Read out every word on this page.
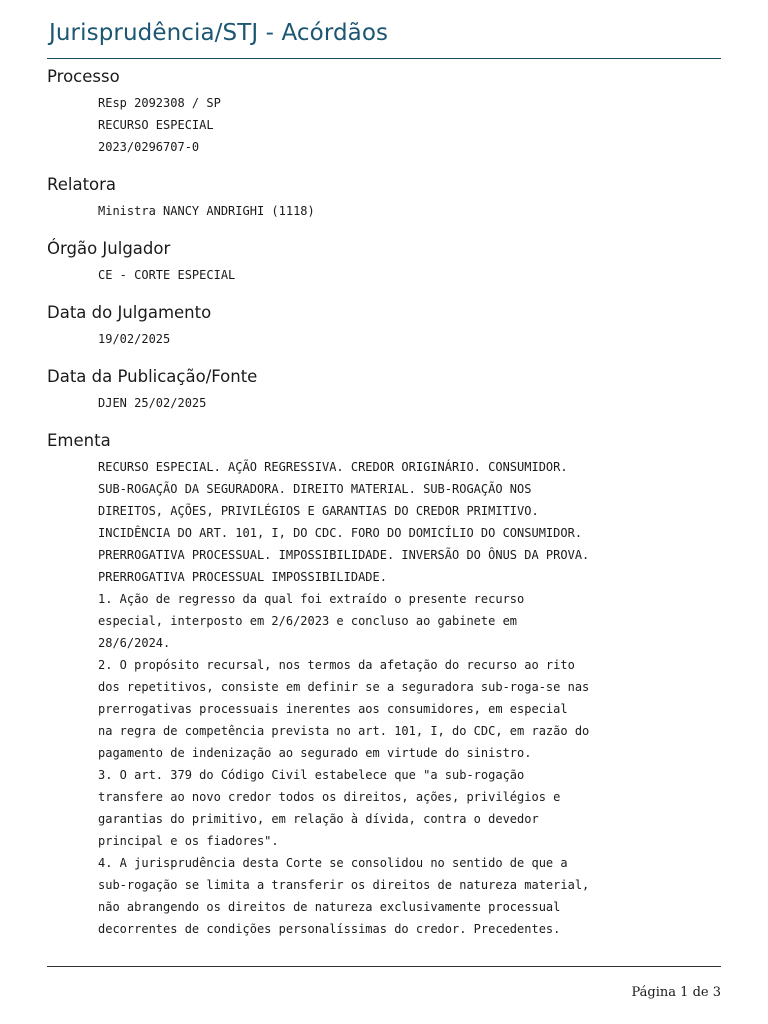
Jurisprudência/STJ - Acórdãos
Processo
REsp 2092308 / SP
RECURSO ESPECIAL
2023/0296707-0
Relatora
Ministra NANCY ANDRIGHI (1118)
Órgão Julgador
CE - CORTE ESPECIAL
Data do Julgamento
19/02/2025
Data da Publicação/Fonte
DJEN 25/02/2025
Ementa
RECURSO ESPECIAL. AÇÃO REGRESSIVA. CREDOR ORIGINÁRIO. CONSUMIDOR.
SUB-ROGAÇÃO DA SEGURADORA. DIREITO MATERIAL. SUB-ROGAÇÃO NOS
DIREITOS, AÇÕES, PRIVILÉGIOS E GARANTIAS DO CREDOR PRIMITIVO.
INCIDÊNCIA DO ART. 101, I, DO CDC. FORO DO DOMICÍLIO DO CONSUMIDOR.
PRERROGATIVA PROCESSUAL. IMPOSSIBILIDADE. INVERSÃO DO ÔNUS DA PROVA.
PRERROGATIVA PROCESSUAL IMPOSSIBILIDADE.
1. Ação de regresso da qual foi extraído o presente recurso
especial, interposto em 2/6/2023 e concluso ao gabinete em
28/6/2024.
2. O propósito recursal, nos termos da afetação do recurso ao rito
dos repetitivos, consiste em definir se a seguradora sub-roga-se nas
prerrogativas processuais inerentes aos consumidores, em especial
na regra de competência prevista no art. 101, I, do CDC, em razão do
pagamento de indenização ao segurado em virtude do sinistro.
3. O art. 379 do Código Civil estabelece que "a sub-rogação
transfere ao novo credor todos os direitos, ações, privilégios e
garantias do primitivo, em relação à dívida, contra o devedor
principal e os fiadores".
4. A jurisprudência desta Corte se consolidou no sentido de que a
sub-rogação se limita a transferir os direitos de natureza material,
não abrangendo os direitos de natureza exclusivamente processual
decorrentes de condições personalíssimas do credor. Precedentes.
Página 1 de 3
